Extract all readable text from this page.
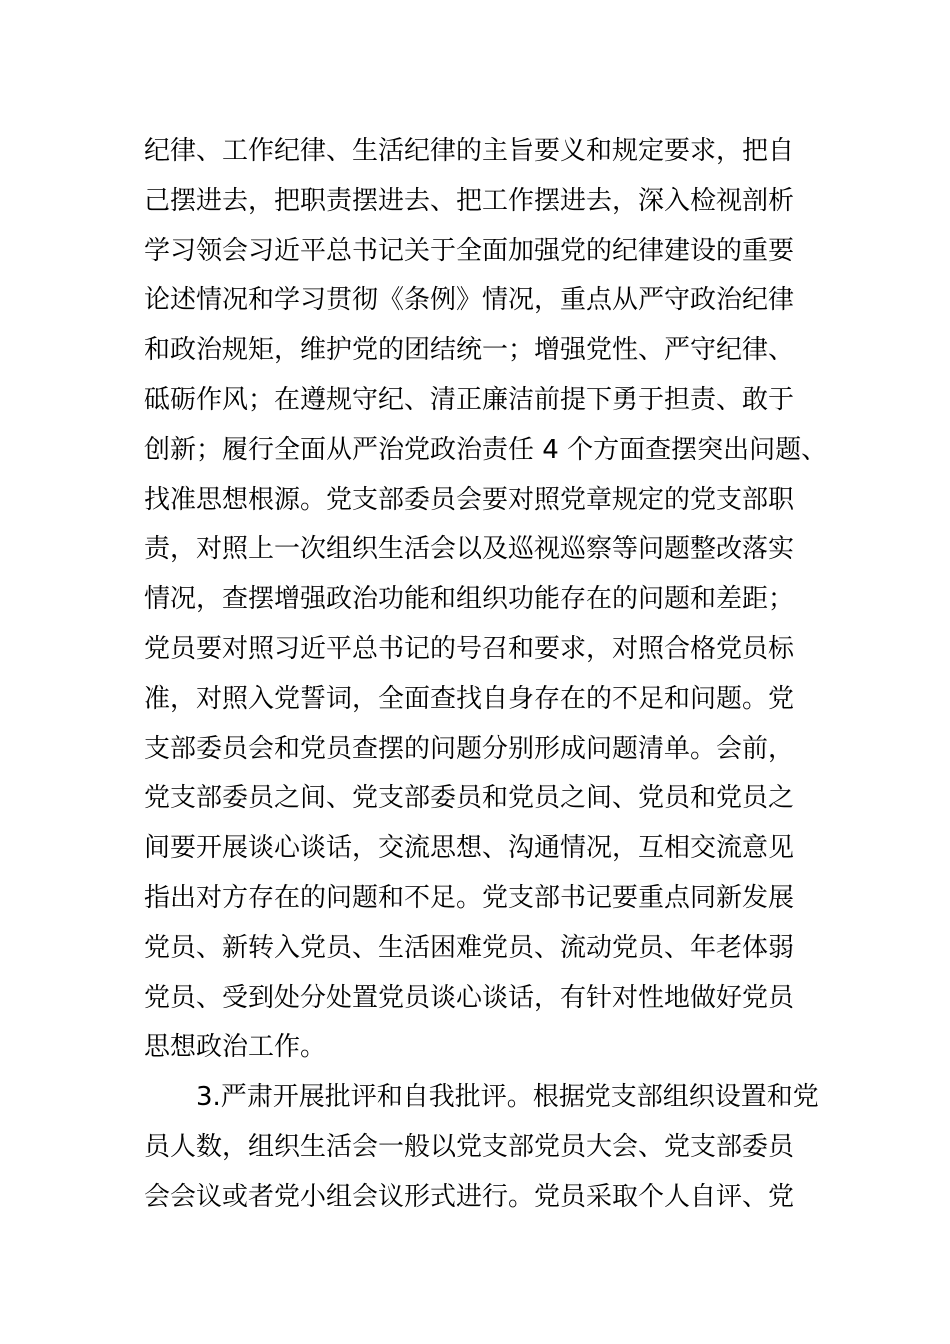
纪律、工作纪律、生活纪律的主旨要义和规定要求，把自
己摆进去，把职责摆进去、把工作摆进去，深入检视剖析
学习领会习近平总书记关于全面加强党的纪律建设的重要
论述情况和学习贯彻《条例》情况，重点从严守政治纪律
和政治规矩，维护党的团结统一；增强党性、严守纪律、
砥砺作风；在遵规守纪、清正廉洁前提下勇于担责、敢于
创新；履行全面从严治党政治责任 4 个方面查摆突出问题、
找准思想根源。党支部委员会要对照党章规定的党支部职
责，对照上一次组织生活会以及巡视巡察等问题整改落实
情况，查摆增强政治功能和组织功能存在的问题和差距；
党员要对照习近平总书记的号召和要求，对照合格党员标
准，对照入党誓词，全面查找自身存在的不足和问题。党
支部委员会和党员查摆的问题分别形成问题清单。会前，
党支部委员之间、党支部委员和党员之间、党员和党员之
间要开展谈心谈话，交流思想、沟通情况，互相交流意见
指出对方存在的问题和不足。党支部书记要重点同新发展
党员、新转入党员、生活困难党员、流动党员、年老体弱
党员、受到处分处置党员谈心谈话，有针对性地做好党员
思想政治工作。
3.严肃开展批评和自我批评。根据党支部组织设置和党
员人数，组织生活会一般以党支部党员大会、党支部委员
会会议或者党小组会议形式进行。党员采取个人自评、党
